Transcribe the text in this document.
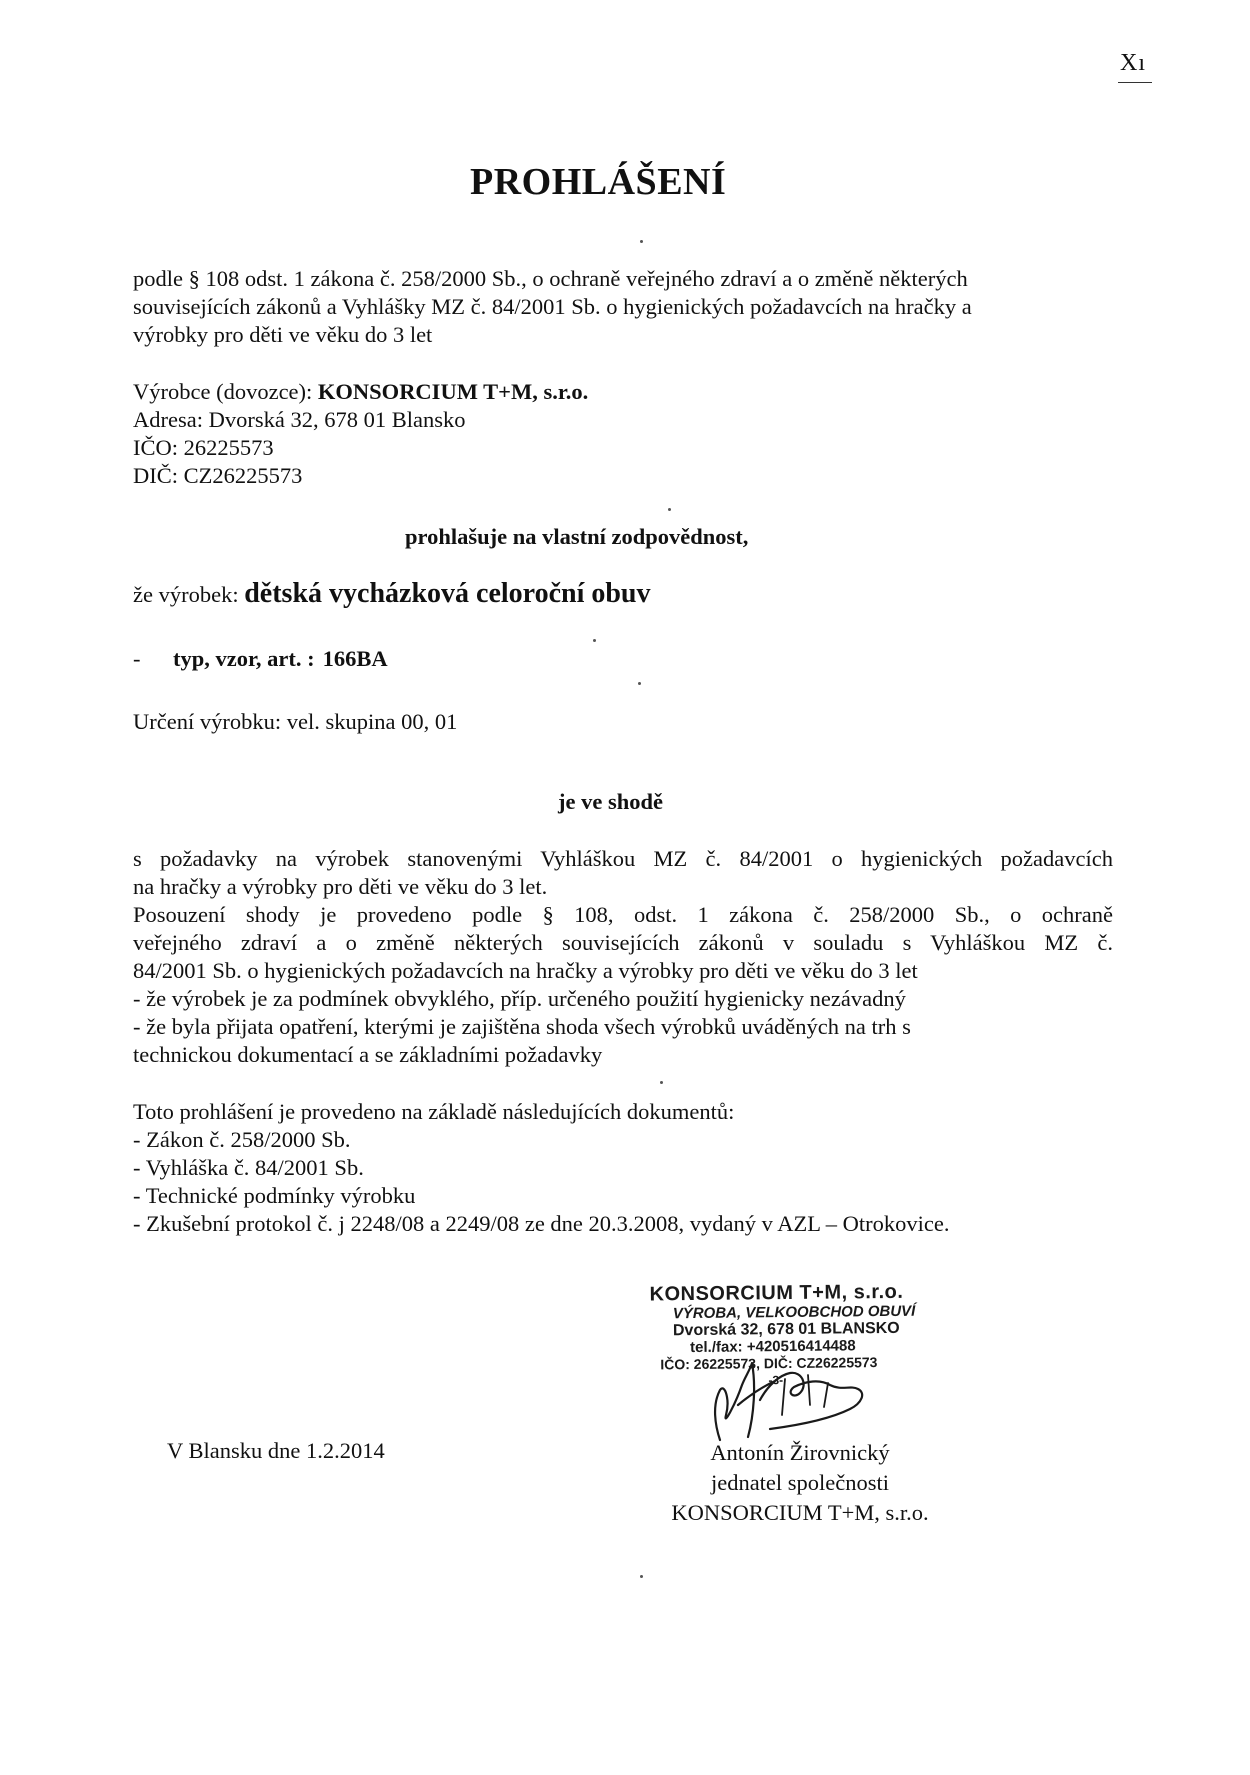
Xı
PROHLÁŠENÍ

podle § 108 odst. 1 zákona č. 258/2000 Sb., o ochraně veřejného zdraví a o změně některých

souvisejících zákonů a Vyhlášky MZ č. 84/2001 Sb. o hygienických požadavcích na hračky a

výrobky pro děti ve věku do 3 let

Výrobce (dovozce): KONSORCIUM T+M, s.r.o.

Adresa: Dvorská 32, 678 01 Blansko

IČO: 26225573

DIČ: CZ26225573

prohlašuje na vlastní zodpovědnost,
že výrobek: dětská vycházková celoroční obuv
- typ, vzor, art. : 166BA
Určení výrobku: vel. skupina 00, 01
je ve shodě

s požadavky na výrobek stanovenými Vyhláškou MZ č. 84/2001 o hygienických požadavcích

na hračky a výrobky pro děti ve věku do 3 let.

Posouzení shody je provedeno podle § 108, odst. 1 zákona č. 258/2000 Sb., o ochraně

veřejného zdraví a o změně některých souvisejících zákonů v souladu s Vyhláškou MZ č.

84/2001 Sb. o hygienických požadavcích na hračky a výrobky pro děti ve věku do 3 let

- že výrobek je za podmínek obvyklého, příp. určeného použití hygienicky nezávadný

- že byla přijata opatření, kterými je zajištěna shoda všech výrobků uváděných na trh s

technickou dokumentací a se základními požadavky

Toto prohlášení je provedeno na základě následujících dokumentů:

- Zákon č. 258/2000 Sb.

- Vyhláška č. 84/2001 Sb.

- Technické podmínky výrobku

- Zkušební protokol č. j 2248/08 a 2249/08 ze dne 20.3.2008, vydaný v AZL – Otrokovice.

KONSORCIUM T+M, s.r.o.
VÝROBA, VELKOOBCHOD OBUVÍ
Dvorská 32, 678 01 BLANSKO
tel./fax: +420516414488
IČO: 26225573, DIČ: CZ26225573
-3-
V Blansku dne 1.2.2014	Antonín Žirovnický
jednatel společnosti
KONSORCIUM T+M, s.r.o.
